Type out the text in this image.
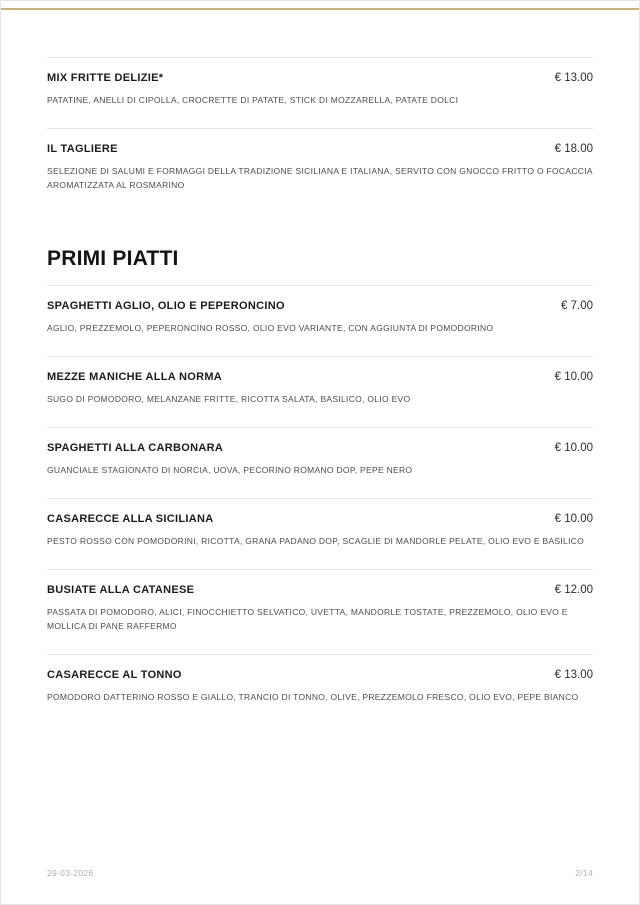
MIX FRITTE DELIZIE*	€ 13.00

PATATINE, ANELLI DI CIPOLLA, CROCRETTE DI PATATE, STICK DI MOZZARELLA, PATATE DOLCI

IL TAGLIERE	€ 18.00

SELEZIONE DI SALUMI E FORMAGGI DELLA TRADIZIONE SICILIANA E ITALIANA, SERVITO CON GNOCCO FRITTO O FOCACCIA AROMATIZZATA AL ROSMARINO

PRIMI PIATTI
SPAGHETTI AGLIO, OLIO E PEPERONCINO	€ 7.00

AGLIO, PREZZEMOLO, PEPERONCINO ROSSO, OLIO EVO VARIANTE, CON AGGIUNTA DI POMODORINO

MEZZE MANICHE ALLA NORMA	€ 10.00

SUGO DI POMODORO, MELANZANE FRITTE, RICOTTA SALATA, BASILICO, OLIO EVO

SPAGHETTI ALLA CARBONARA	€ 10.00

GUANCIALE STAGIONATO DI NORCIA, UOVA, PECORINO ROMANO DOP, PEPE NERO

CASARECCE ALLA SICILIANA	€ 10.00

PESTO ROSSO CON POMODORINI, RICOTTA, GRANA PADANO DOP, SCAGLIE DI MANDORLE PELATE, OLIO EVO E BASILICO

BUSIATE ALLA CATANESE	€ 12.00

PASSATA DI POMODORO, ALICI, FINOCCHIETTO SELVATICO, UVETTA, MANDORLE TOSTATE, PREZZEMOLO, OLIO EVO E MOLLICA DI PANE RAFFERMO

CASARECCE AL TONNO	€ 13.00

POMODORO DATTERINO ROSSO E GIALLO, TRANCIO DI TONNO, OLIVE, PREZZEMOLO FRESCO, OLIO EVO, PEPE BIANCO

29-03-2026	2/14
